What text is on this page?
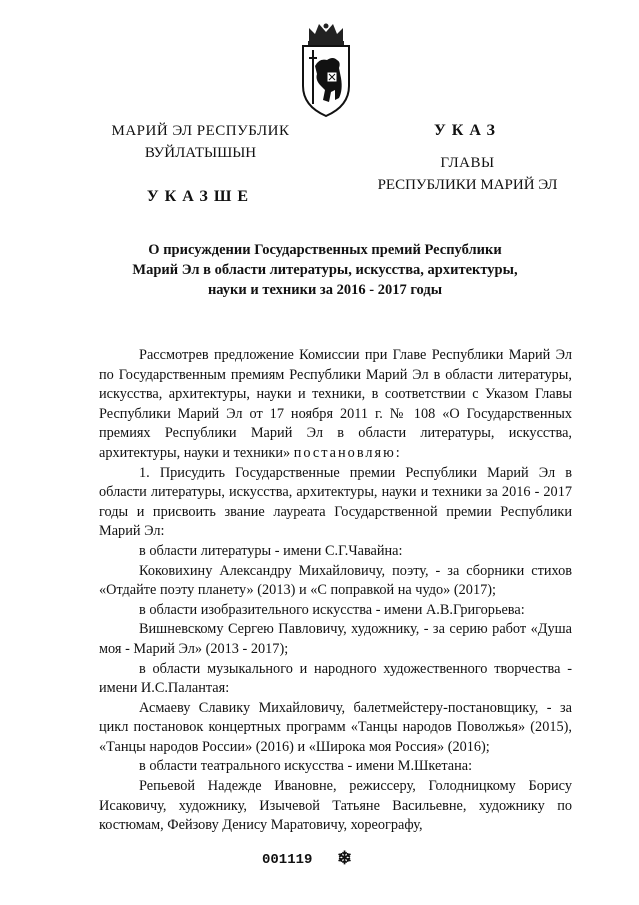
МАРИЙ ЭЛ РЕСПУБЛИК
ВУЙЛАТЫШЫН
УКАЗШЕ
УКАЗ
ГЛАВЫ
РЕСПУБЛИКИ МАРИЙ ЭЛ
О присуждении Государственных премий Республики
Марий Эл в области литературы, искусства, архитектуры,
науки и техники за 2016 - 2017 годы

Рассмотрев предложение Комиссии при Главе Республики Марий Эл по Государственным премиям Республики Марий Эл в области литературы, искусства, архитектуры, науки и техники, в соответствии с Указом Главы Республики Марий Эл от 17 ноября 2011 г. № 108 «О Государственных премиях Республики Марий Эл в области литературы, искусства, архитектуры, науки и техники» постановляю:

1. Присудить Государственные премии Республики Марий Эл в области литературы, искусства, архитектуры, науки и техники за 2016 - 2017 годы и присвоить звание лауреата Государственной премии Республики Марий Эл:

в области литературы - имени С.Г.Чавайна:

Коковихину Александру Михайловичу, поэту, - за сборники стихов «Отдайте поэту планету» (2013) и «С поправкой на чудо» (2017);

в области изобразительного искусства - имени А.В.Григорьева:

Вишневскому Сергею Павловичу, художнику, - за серию работ «Душа моя - Марий Эл» (2013 - 2017);

в области музыкального и народного художественного творчества - имени И.С.Палантая:

Асмаеву Славику Михайловичу, балетмейстеру-постановщику, - за цикл постановок концертных программ «Танцы народов Поволжья» (2015), «Танцы народов России» (2016) и «Широка моя Россия» (2016);

в области театрального искусства - имени М.Шкетана:

Репьевой Надежде Ивановне, режиссеру, Голодницкому Борису Исаковичу, художнику, Изычевой Татьяне Васильевне, художнику по костюмам, Фейзову Денису Маратовичу, хореографу,

001119 ❄
